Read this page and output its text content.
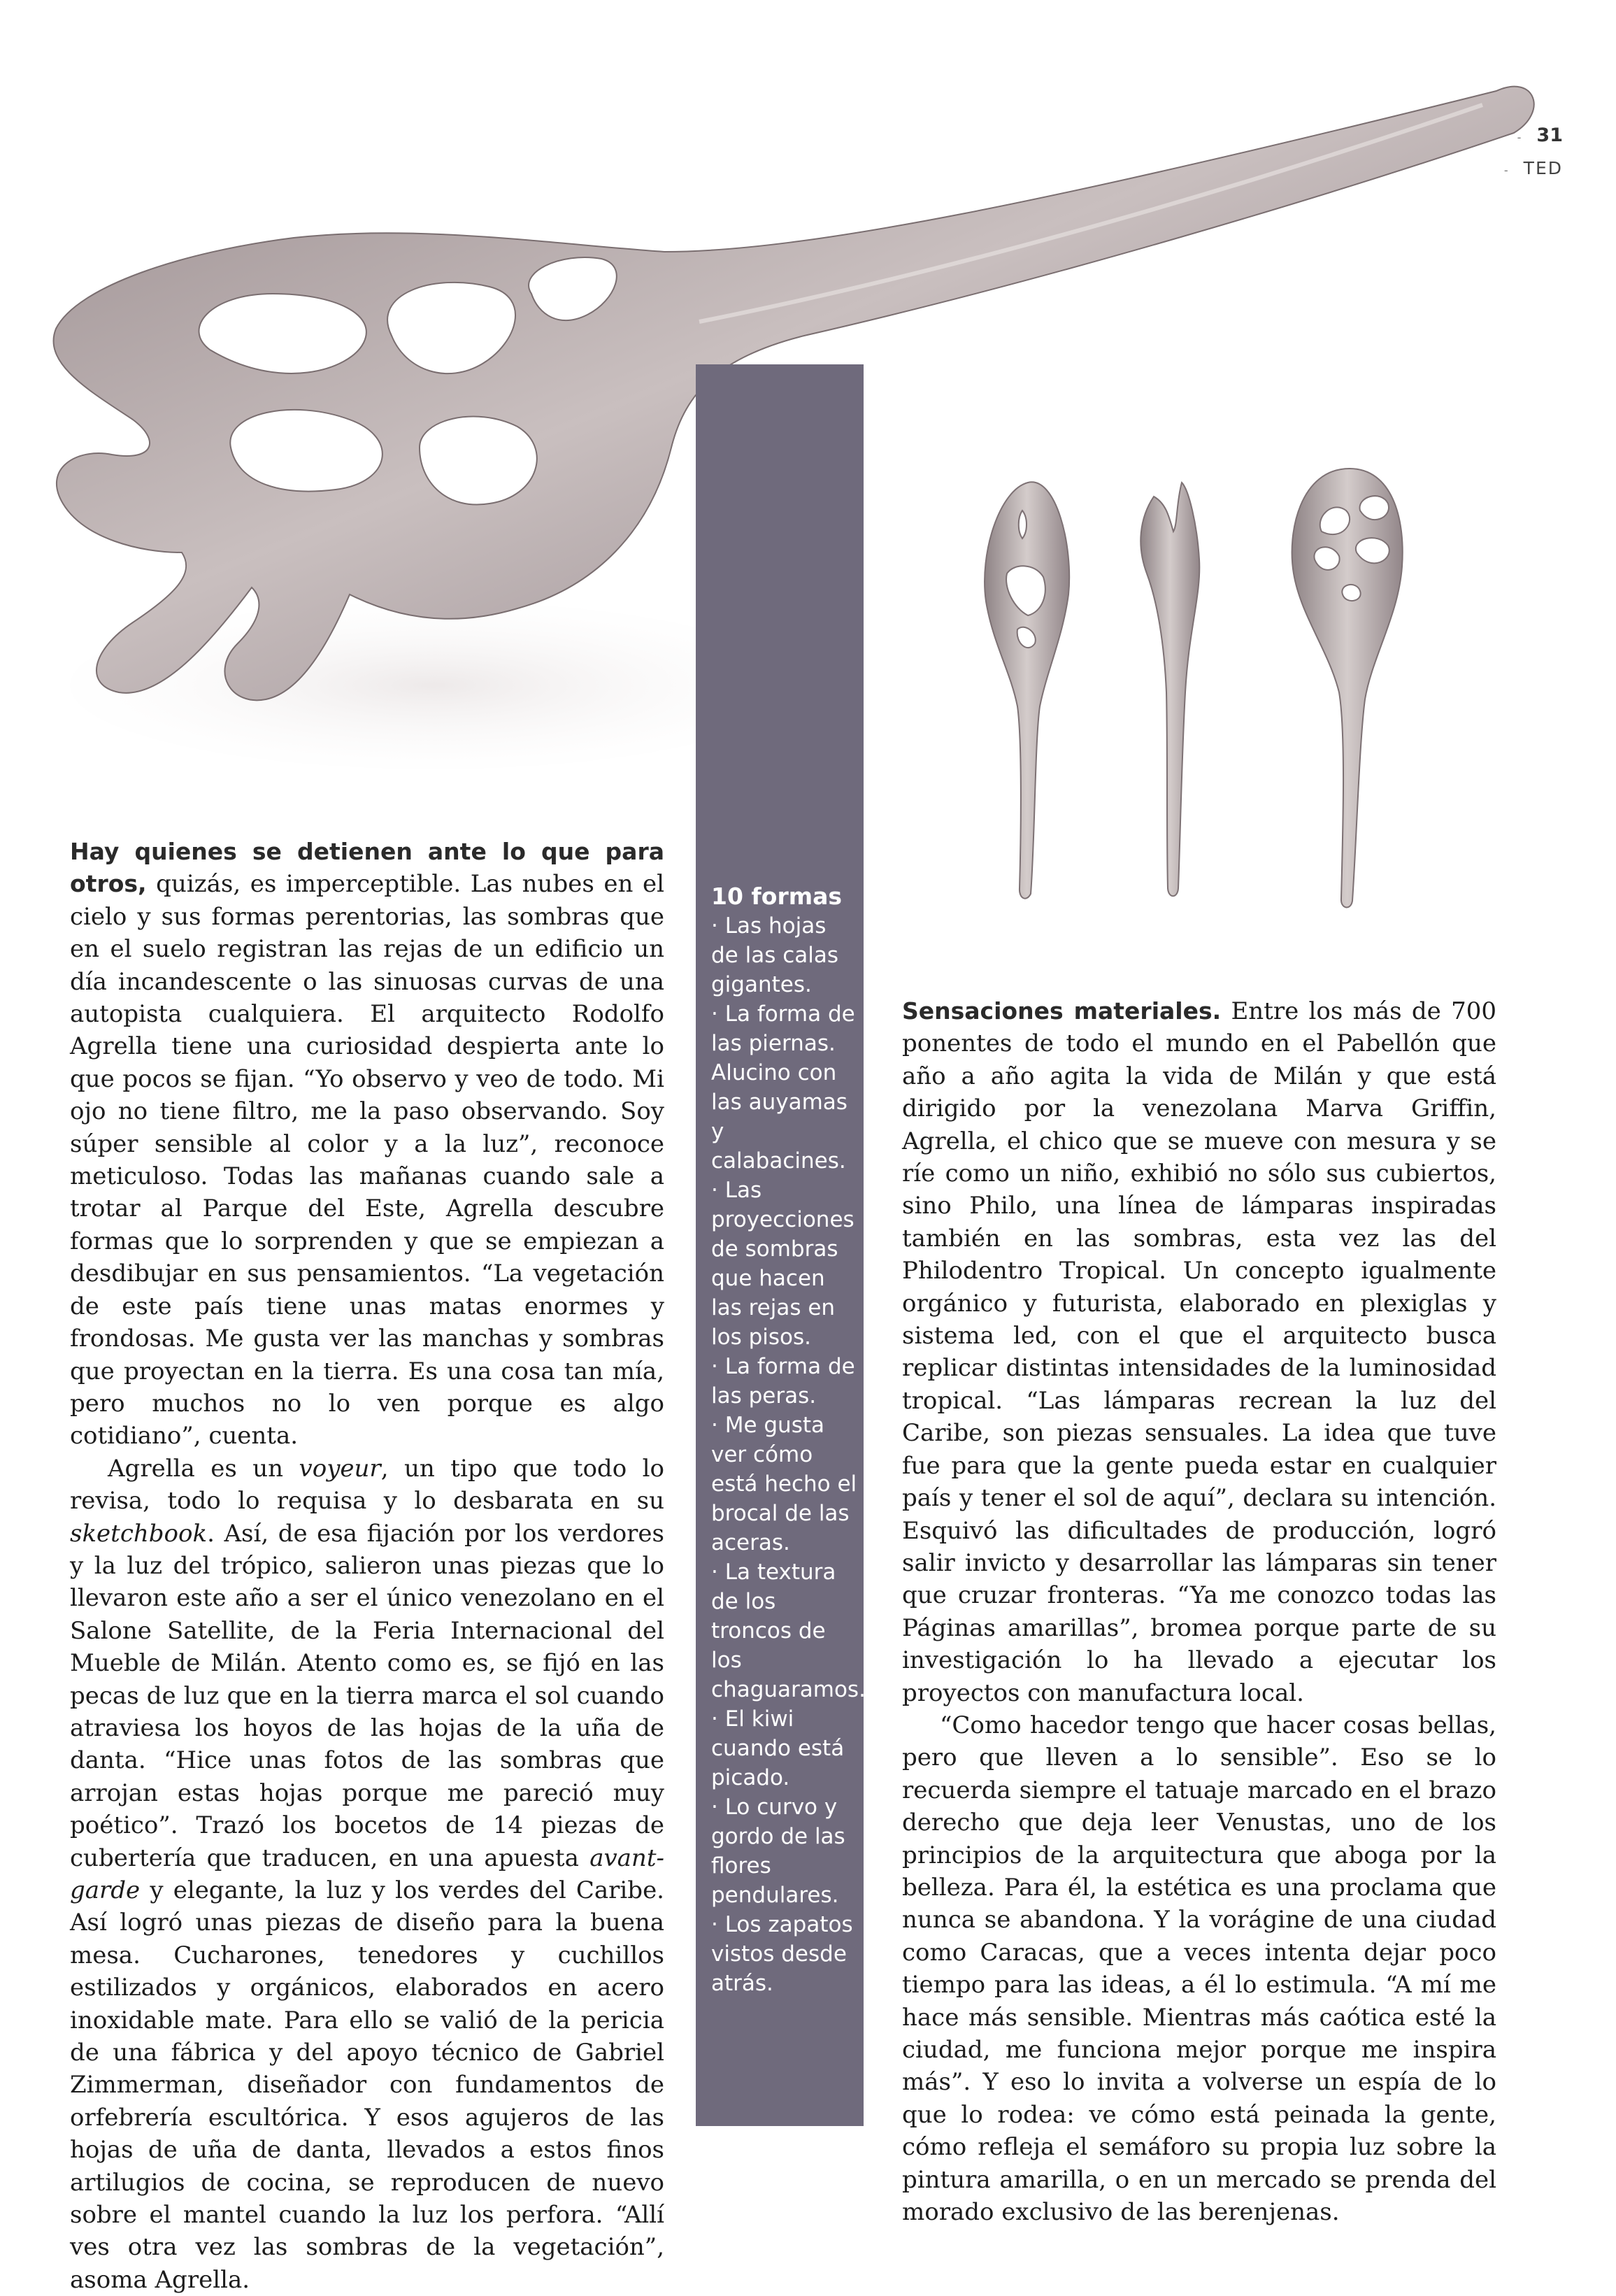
- 31
- TED
10 formas
· Las hojas de las calas gigantes.
· La forma de las piernas. Alucino con las auyamas y calabacines.
· Las proyecciones de sombras que hacen las rejas en los pisos.
· La forma de las peras.
· Me gusta ver cómo está hecho el brocal de las aceras.
· La textura de los troncos de los chaguaramos.
· El kiwi cuando está picado.
· Lo curvo y gordo de las flores pendulares.
· Los zapatos vistos desde atrás.

Hay quienes se detienen ante lo que para otros, quizás, es imperceptible. Las nubes en el cielo y sus formas perentorias, las sombras que en el suelo registran las rejas de un edificio un día incandescente o las sinuosas curvas de una autopista cualquiera. El arquitecto Rodolfo Agrella tiene una curiosidad despierta ante lo que pocos se fijan. “Yo observo y veo de todo. Mi ojo no tiene filtro, me la paso observando. Soy súper sensible al color y a la luz”, reconoce meticuloso. Todas las mañanas cuando sale a trotar al Parque del Este, Agrella descubre formas que lo sorprenden y que se empiezan a desdibujar en sus pensamientos. “La vegetación de este país tiene unas matas enormes y frondosas. Me gusta ver las manchas y sombras que proyectan en la tierra. Es una cosa tan mía, pero muchos no lo ven porque es algo cotidiano”, cuenta.

Agrella es un voyeur, un tipo que todo lo revisa, todo lo requisa y lo desbarata en su sketchbook. Así, de esa fijación por los verdores y la luz del trópico, salieron unas piezas que lo llevaron este año a ser el único venezolano en el Salone Satellite, de la Feria Internacional del Mueble de Milán. Atento como es, se fijó en las pecas de luz que en la tierra marca el sol cuando atraviesa los hoyos de las hojas de la uña de danta. “Hice unas fotos de las sombras que arrojan estas hojas porque me pareció muy poético”. Trazó los bocetos de 14 piezas de cubertería que traducen, en una apuesta avant-garde y elegante, la luz y los verdes del Caribe. Así logró unas piezas de diseño para la buena mesa. Cucharones, tenedores y cuchillos estilizados y orgánicos, elaborados en acero inoxidable mate. Para ello se valió de la pericia de una fábrica y del apoyo técnico de Gabriel Zimmerman, diseñador con fundamentos de orfebrería escultórica. Y esos agujeros de las hojas de uña de danta, llevados a estos finos artilugios de cocina, se reproducen de nuevo sobre el mantel cuando la luz los perfora. “Allí ves otra vez las sombras de la vegetación”, asoma Agrella.

Sensaciones materiales. Entre los más de 700 ponentes de todo el mundo en el Pabellón que año a año agita la vida de Milán y que está dirigido por la venezolana Marva Griffin, Agrella, el chico que se mueve con mesura y se ríe como un niño, exhibió no sólo sus cubiertos, sino Philo, una línea de lámparas inspiradas también en las sombras, esta vez las del Philodentro Tropical. Un concepto igualmente orgánico y futurista, elaborado en plexiglas y sistema led, con el que el arquitecto busca replicar distintas intensidades de la luminosidad tropical. “Las lámparas recrean la luz del Caribe, son piezas sensuales. La idea que tuve fue para que la gente pueda estar en cualquier país y tener el sol de aquí”, declara su intención. Esquivó las dificultades de producción, logró salir invicto y desarrollar las lámparas sin tener que cruzar fronteras. “Ya me conozco todas las Páginas amarillas”, bromea porque parte de su investigación lo ha llevado a ejecutar los proyectos con manufactura local.

“Como hacedor tengo que hacer cosas bellas, pero que lleven a lo sensible”. Eso se lo recuerda siempre el tatuaje marcado en el brazo derecho que deja leer Venustas, uno de los principios de la arquitectura que aboga por la belleza. Para él, la estética es una proclama que nunca se abandona. Y la vorágine de una ciudad como Caracas, que a veces intenta dejar poco tiempo para las ideas, a él lo estimula. “A mí me hace más sensible. Mientras más caótica esté la ciudad, me funciona mejor porque me inspira más”. Y eso lo invita a volverse un espía de lo que lo rodea: ve cómo está peinada la gente, cómo refleja el semáforo su propia luz sobre la pintura amarilla, o en un mercado se prenda del morado exclusivo de las berenjenas.
